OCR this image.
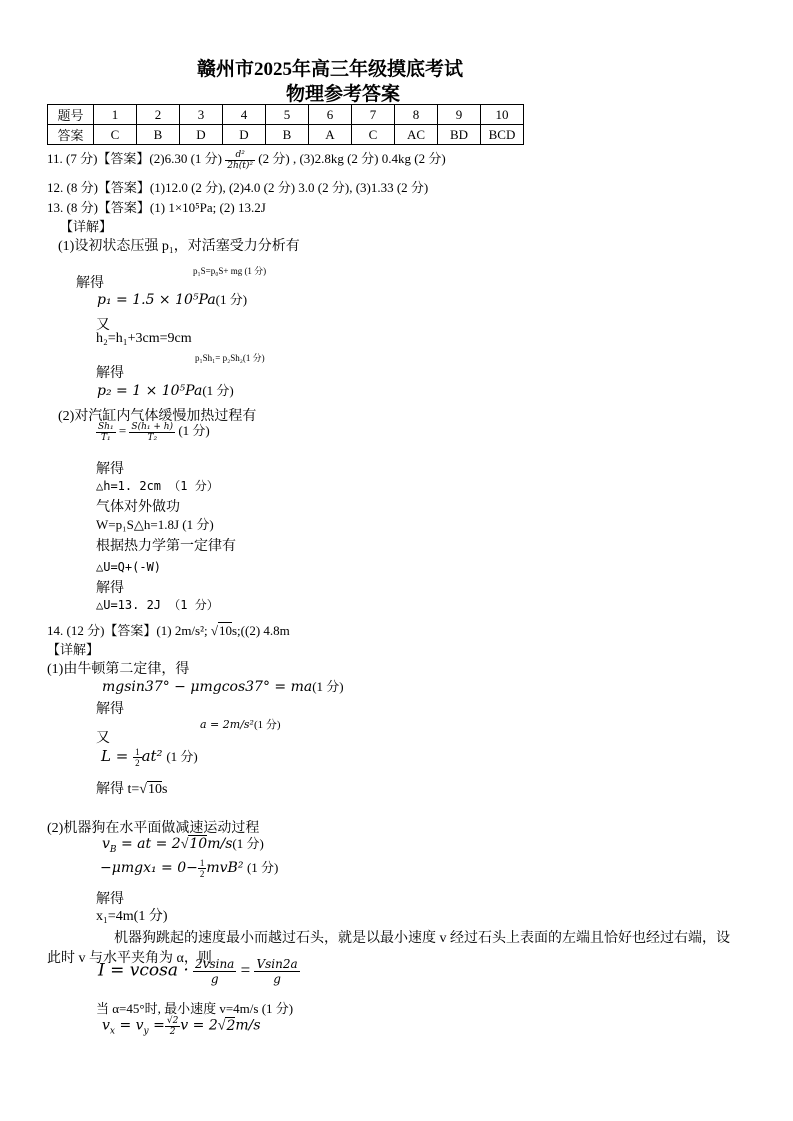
赣州市2025年高三年级摸底考试
物理参考答案
题号	1	2	3	4	5	6	7	8	9	10
答案	C	B	D	D	B	A	C	AC	BD	BCD
11. (7 分)【答案】(2)6.30 (1 分) $\frac{\text{d²}}{\text{2h(t)²}} (2$ 分) , (3)2.8kg (2 分) 0.4kg (2 分)
12. (8 分)【答案】(1)12.0 (2 分), (2)4.0 (2 分) 3.0 (2 分), (3)1.33 (2 分)
13. (8 分)【答案】(1) 1×10⁵Pa; (2) 13.2J
【详解】
(1)设初状态压强 p₁，对活塞受力分析有
p₁S=p₀S+ mg (1 分)
解得
p₁ = 1.5 × 10⁵Pa(1 分)
又
h₂=h₁+3cm=9cm
p₁Sh₁= p₂Sh₂(1 分)
解得
p₂ = 1 × 10⁵Pa(1 分)
(2)对汽缸内气体缓慢加热过程有
$\frac{\text{Sh₁}}{\text{T₁}} = \frac{\text{S(h₁ + h)}}{\text{T₂}} (1$ 分)
解得
△h=1. 2cm （1 分）
气体对外做功
W=p₁S△h=1.8J (1 分)
根据热力学第一定律有
△U=Q+(-W)
解得
△U=13. 2J （1 分）
14. (12 分)【答案】(1) 2m/s²; √10s;((2) 4.8m
【详解】
(1)由牛顿第二定律，得
mgsin37° − μmgcos37° = ma(1 分)
解得
a = 2m/s²(1 分)
又
$L = \frac{1}{2} at^2$ (1 分)
解得 t=√10s
(2)机器狗在水平面做减速运动过程
$v_B$ = at = 2√10m/s(1 分)
$-\mu mgx_1 = 0- \frac{1}{2} mvB^2$ (1 分)
解得
x₁=4m(1 分)
机器狗跳起的速度最小而越过石头，就是以最小速度 v 经过石头上表面的左端且恰好也经过右端，设
此时 v 与水平夹角为 α，则
$I = vcosa \cdot \frac{2vsina}{g} = \frac{Vsin2a}{g}$
当 α=45°时, 最小速度 v=4m/s (1 分)
$v_x = v_y = \frac{√2}{2}$ v = 2√2m/s
